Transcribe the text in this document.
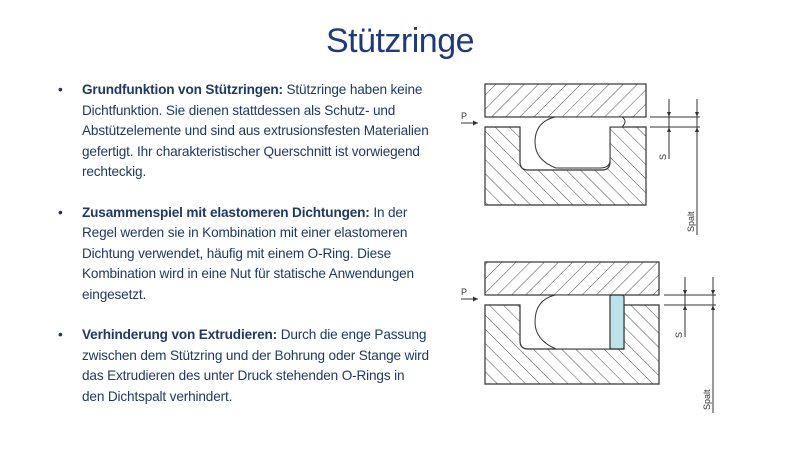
Stützringe
• Grundfunktion von Stützringen: Stützringe haben keine Dichtfunktion. Sie dienen stattdessen als Schutz- und Abstützelemente und sind aus extrusionsfesten Materialien gefertigt. Ihr charakteristischer Querschnitt ist vorwiegend rechteckig.
• Zusammenspiel mit elastomeren Dichtungen: In der Regel werden sie in Kombination mit einer elastomeren Dichtung verwendet, häufig mit einem O-Ring. Diese Kombination wird in eine Nut für statische Anwendungen eingesetzt.
• Verhinderung von Extrudieren: Durch die enge Passung zwischen dem Stützring und der Bohrung oder Stange wird das Extrudieren des unter Druck stehenden O-Rings in den Dichtspalt verhindert.
P
S
Spalt
P
S
Spalt
